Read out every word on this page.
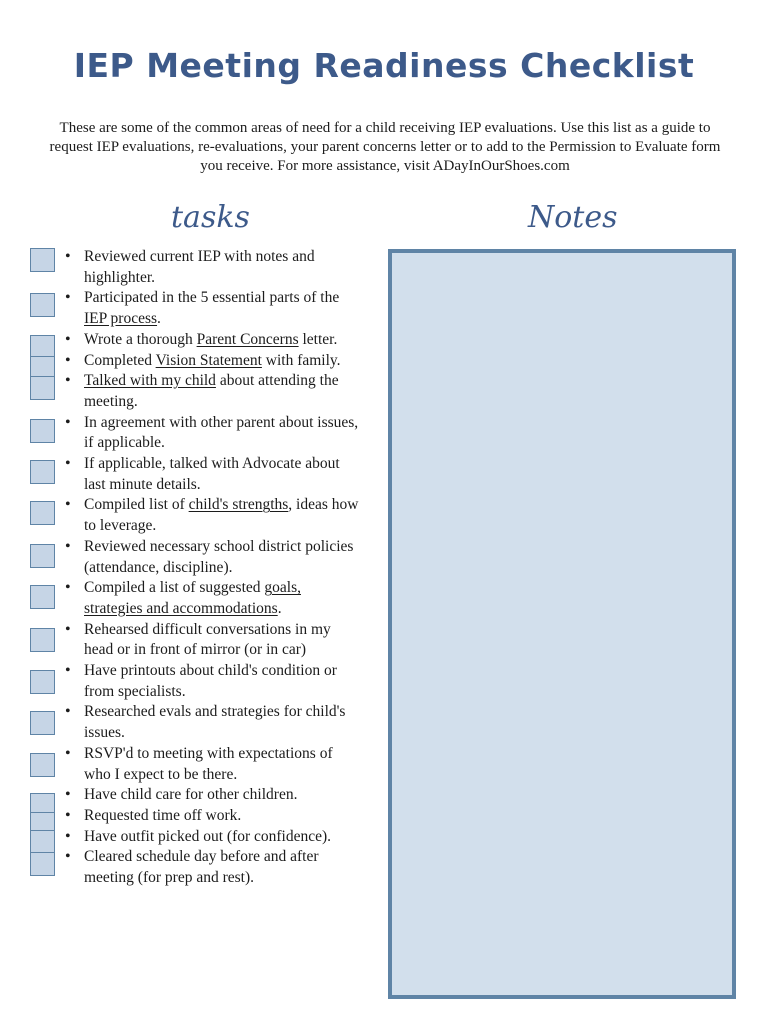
IEP Meeting Readiness Checklist

These are some of the common areas of need for a child receiving IEP evaluations. Use this list as a guide to request IEP evaluations, re-evaluations, your parent concerns letter or to add to the Permission to Evaluate form you receive. For more assistance, visit ADayInOurShoes.com

tasks	Notes
• Reviewed current IEP with notes and highlighter.
• Participated in the 5 essential parts of the IEP process.
• Wrote a thorough Parent Concerns letter.
• Completed Vision Statement with family.
• Talked with my child about attending the meeting.
• In agreement with other parent about issues, if applicable.
• If applicable, talked with Advocate about last minute details.
• Compiled list of child's strengths, ideas how to leverage.
• Reviewed necessary school district policies (attendance, discipline).
• Compiled a list of suggested goals, strategies and accommodations.
• Rehearsed difficult conversations in my head or in front of mirror (or in car)
• Have printouts about child's condition or from specialists.
• Researched evals and strategies for child's issues.
• RSVP'd to meeting with expectations of who I expect to be there.
• Have child care for other children.
• Requested time off work.
• Have outfit picked out (for confidence).
• Cleared schedule day before and after meeting (for prep and rest).
